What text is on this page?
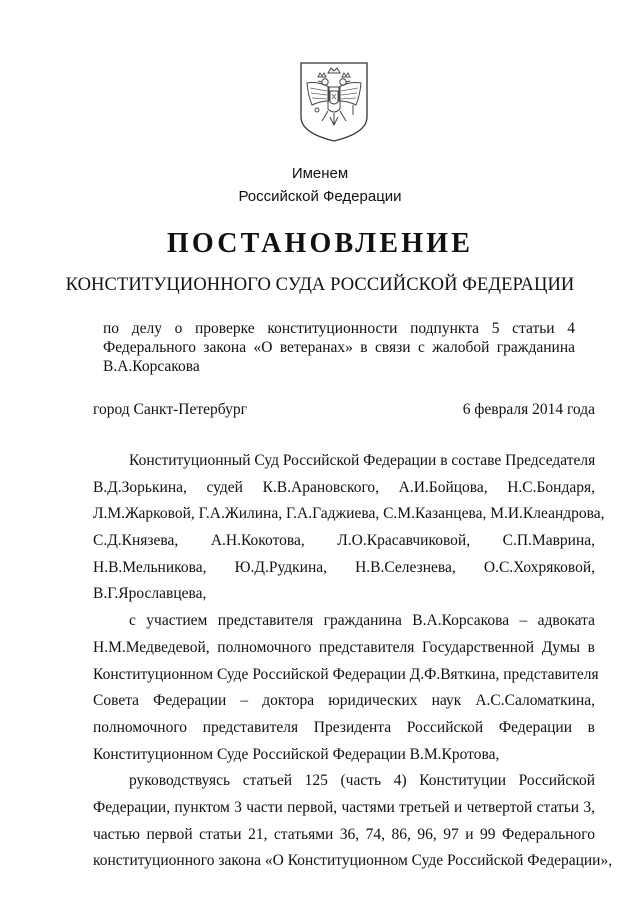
Именем
Российской Федерации
ПОСТАНОВЛЕНИЕ
КОНСТИТУЦИОННОГО СУДА РОССИЙСКОЙ ФЕДЕРАЦИИ
по делу о проверке конституционности подпункта 5 статьи 4
Федерального закона «О ветеранах» в связи с жалобой гражданина
В.А.Корсакова
город Санкт-Петербург	6 февраля 2014 года
Конституционный Суд Российской Федерации в составе Председателя
В.Д.Зорькина, судей К.В.Арановского, А.И.Бойцова, Н.С.Бондаря,
Л.М.Жарковой, Г.А.Жилина, Г.А.Гаджиева, С.М.Казанцева, М.И.Клеандрова,
С.Д.Князева, А.Н.Кокотова, Л.О.Красавчиковой, С.П.Маврина,
Н.В.Мельникова, Ю.Д.Рудкина, Н.В.Селезнева, О.С.Хохряковой,
В.Г.Ярославцева,
с участием представителя гражданина В.А.Корсакова – адвоката
Н.М.Медведевой, полномочного представителя Государственной Думы в
Конституционном Суде Российской Федерации Д.Ф.Вяткина, представителя
Совета Федерации – доктора юридических наук А.С.Саломаткина,
полномочного представителя Президента Российской Федерации в
Конституционном Суде Российской Федерации В.М.Кротова,
руководствуясь статьей 125 (часть 4) Конституции Российской
Федерации, пунктом 3 части первой, частями третьей и четвертой статьи 3,
частью первой статьи 21, статьями 36, 74, 86, 96, 97 и 99 Федерального
конституционного закона «О Конституционном Суде Российской Федерации»,
